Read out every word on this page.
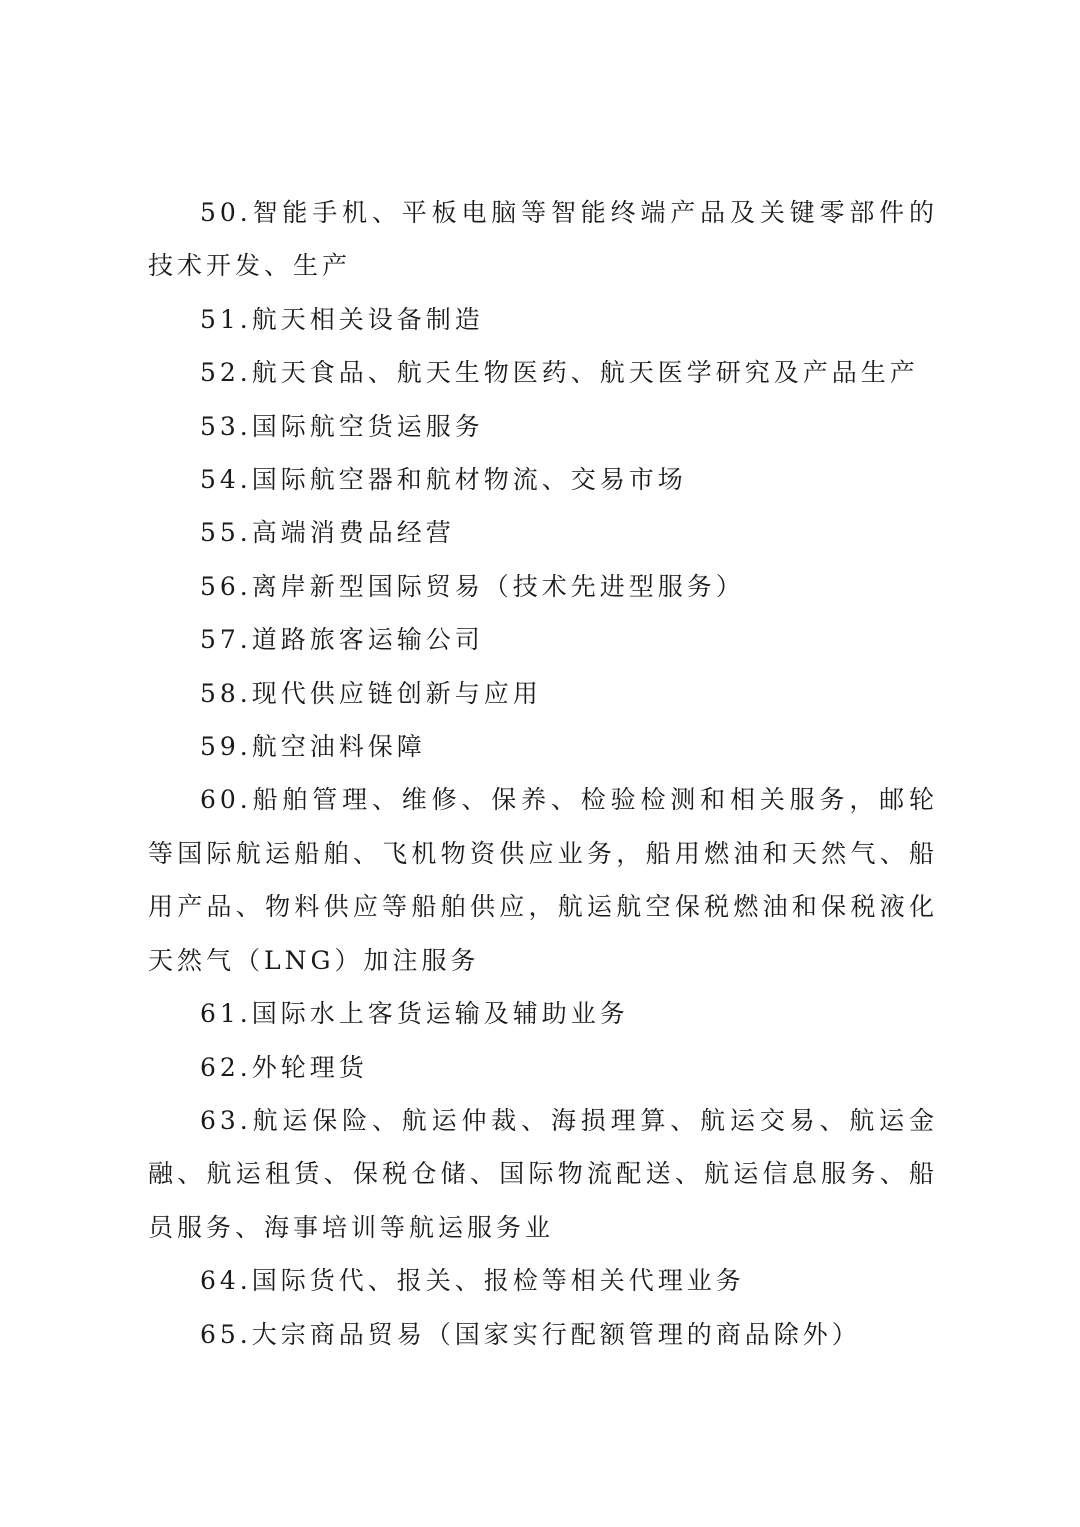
50.智能手机、平板电脑等智能终端产品及关键零部件的技术开发、生产

51.航天相关设备制造

52.航天食品、航天生物医药、航天医学研究及产品生产

53.国际航空货运服务

54.国际航空器和航材物流、交易市场

55.高端消费品经营

56.离岸新型国际贸易（技术先进型服务）

57.道路旅客运输公司

58.现代供应链创新与应用

59.航空油料保障

60.船舶管理、维修、保养、检验检测和相关服务，邮轮等国际航运船舶、飞机物资供应业务，船用燃油和天然气、船用产品、物料供应等船舶供应，航运航空保税燃油和保税液化天然气（LNG）加注服务

61.国际水上客货运输及辅助业务

62.外轮理货

63.航运保险、航运仲裁、海损理算、航运交易、航运金融、航运租赁、保税仓储、国际物流配送、航运信息服务、船员服务、海事培训等航运服务业

64.国际货代、报关、报检等相关代理业务

65.大宗商品贸易（国家实行配额管理的商品除外）
